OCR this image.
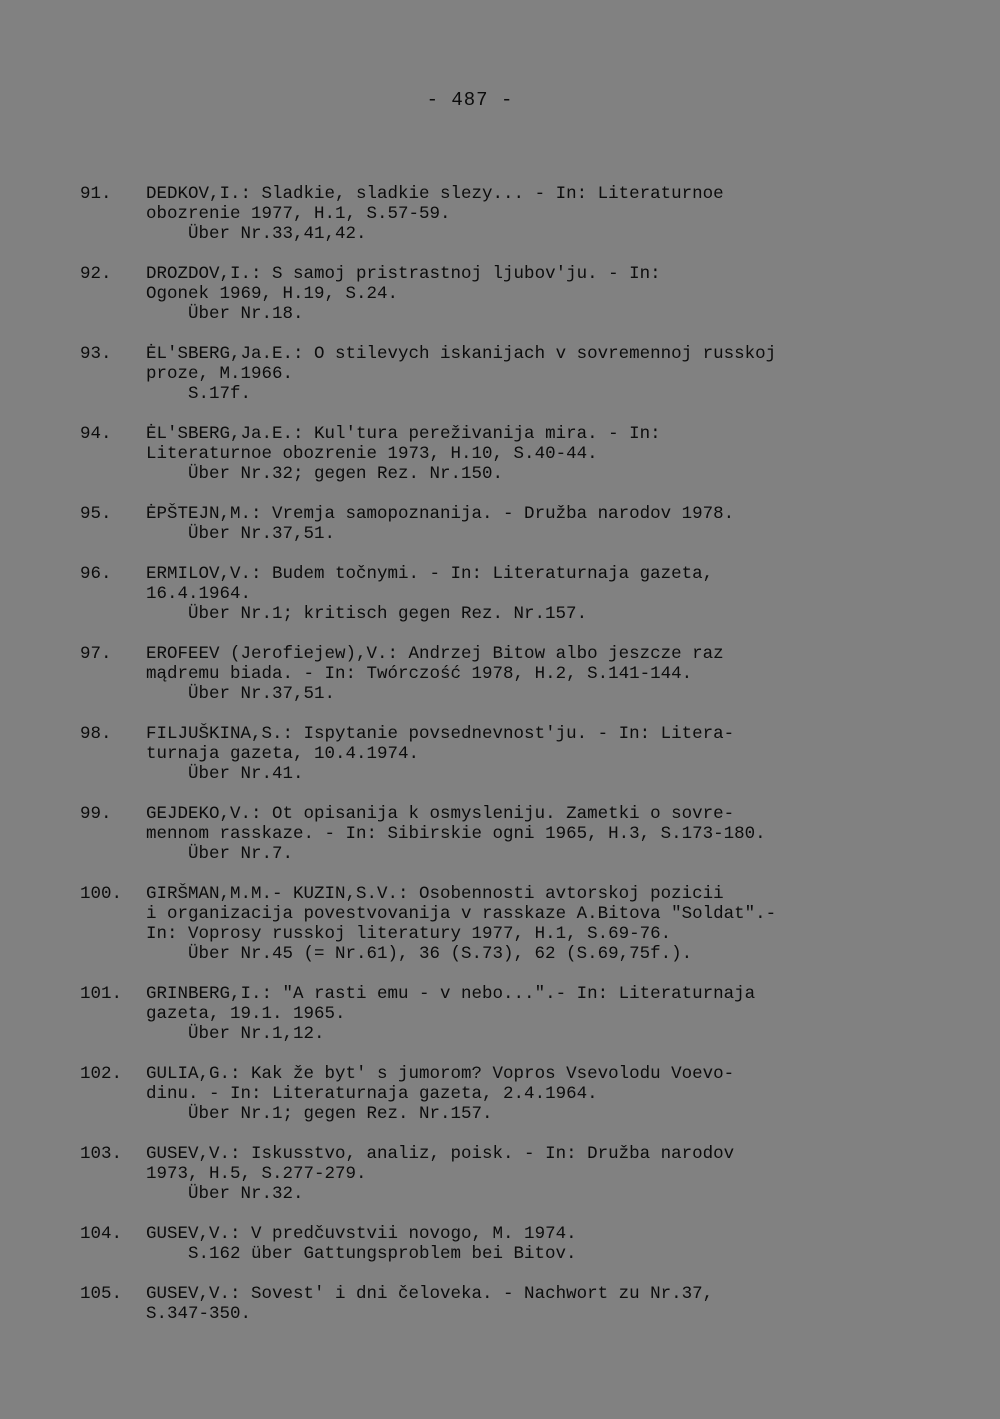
- 487 -
91.	DEDKOV,I.: Sladkie, sladkie slezy... - In: Literaturnoe
obozrenie 1977, H.1, S.57-59.
Über Nr.33,41,42.
92.	DROZDOV,I.: S samoj pristrastnoj ljubov'ju. - In:
Ogonek 1969, H.19, S.24.
Über Nr.18.
93.	ĖL'SBERG,Ja.E.: O stilevych iskanijach v sovremennoj russkoj
proze, M.1966.
S.17f.
94.	ĖL'SBERG,Ja.E.: Kul'tura pereživanija mira. - In:
Literaturnoe obozrenie 1973, H.10, S.40-44.
Über Nr.32; gegen Rez. Nr.150.
95.	ĖPŠTEJN,M.: Vremja samopoznanija. - Družba narodov 1978.
Über Nr.37,51.
96.	ERMILOV,V.: Budem točnymi. - In: Literaturnaja gazeta,
16.4.1964.
Über Nr.1; kritisch gegen Rez. Nr.157.
97.	EROFEEV (Jerofiejew),V.: Andrzej Bitow albo jeszcze raz
mądremu biada. - In: Twórczość 1978, H.2, S.141-144.
Über Nr.37,51.
98.	FILJUŠKINA,S.: Ispytanie povsednevnost'ju. - In: Litera-
turnaja gazeta, 10.4.1974.
Über Nr.41.
99.	GEJDEKO,V.: Ot opisanija k osmysleniju. Zametki o sovre-
mennom rasskaze. - In: Sibirskie ogni 1965, H.3, S.173-180.
Über Nr.7.
100.	GIRŠMAN,M.M.- KUZIN,S.V.: Osobennosti avtorskoj pozicii
i organizacija povestvovanija v rasskaze A.Bitova "Soldat".-
In: Voprosy russkoj literatury 1977, H.1, S.69-76.
Über Nr.45 (= Nr.61), 36 (S.73), 62 (S.69,75f.).
101.	GRINBERG,I.: "A rasti emu - v nebo...".- In: Literaturnaja
gazeta, 19.1. 1965.
Über Nr.1,12.
102.	GULIA,G.: Kak že byt' s jumorom? Vopros Vsevolodu Voevo-
dinu. - In: Literaturnaja gazeta, 2.4.1964.
Über Nr.1; gegen Rez. Nr.157.
103.	GUSEV,V.: Iskusstvo, analiz, poisk. - In: Družba narodov
1973, H.5, S.277-279.
Über Nr.32.
104.	GUSEV,V.: V predčuvstvii novogo, M. 1974.
S.162 über Gattungsproblem bei Bitov.
105.	GUSEV,V.: Sovest' i dni čeloveka. - Nachwort zu Nr.37,
S.347-350.
